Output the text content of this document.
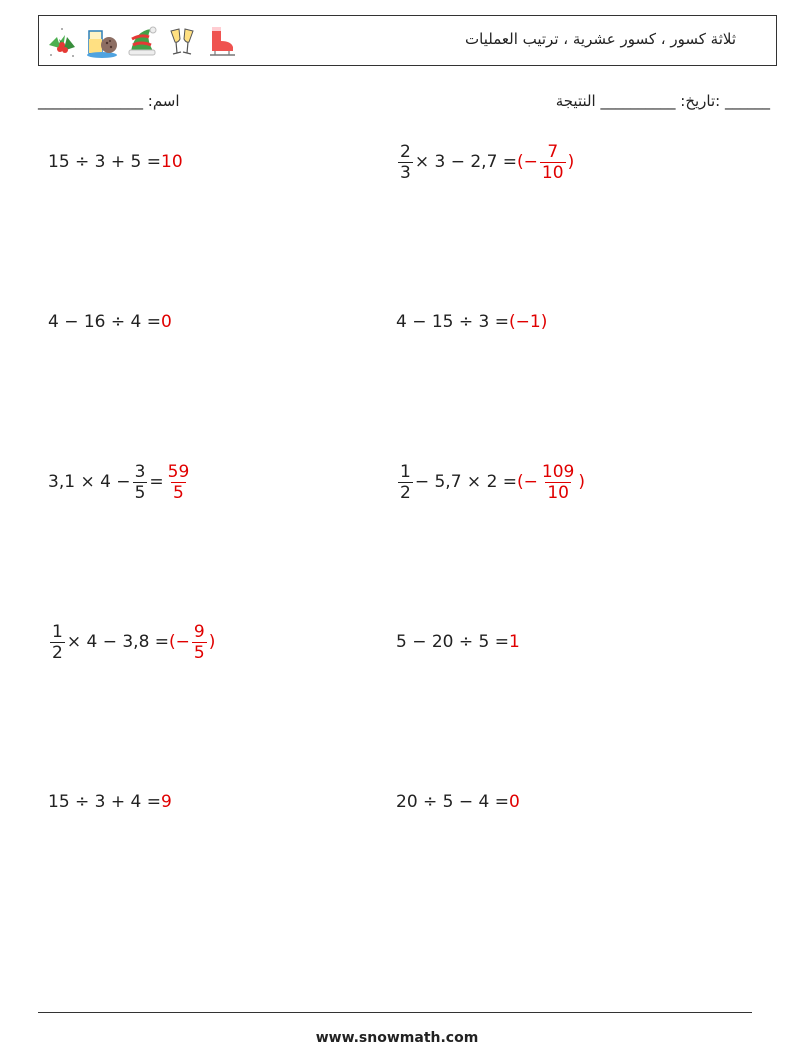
ثلاثة كسور ، كسور عشرية ، ترتيب العمليات
______ :تاريخ: __________ النتيجة
اسم: ______________
15 ÷ 3 + 5 = 10	$\frac{2}{3} \times 3 - 2,7$ = (− $\frac{7}{10}$ )
4 − 16 ÷ 4 = 0	4 − 15 ÷ 3 = (−1)
$3,1 \times 4 - \frac{3}{5} = \frac{59}{5}$	$\frac{1}{2} - 5,7 \times 2$ = (− $\frac{109}{10}$ )
$\frac{1}{2} \times 4 - 3,8$ = (− $\frac{9}{5}$ )	5 − 20 ÷ 5 = 1
15 ÷ 3 + 4 = 9	20 ÷ 5 − 4 = 0
www.snowmath.com
